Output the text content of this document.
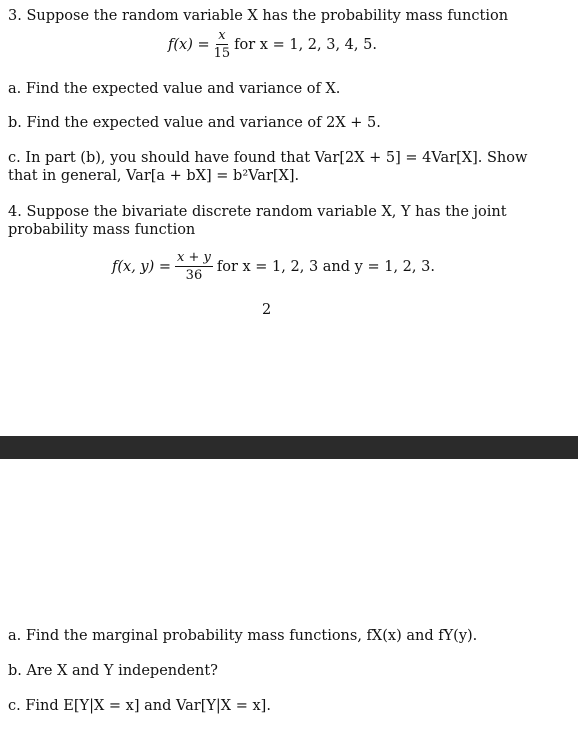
3. Suppose the random variable X has the probability mass function
$f(x) = \frac{x}{15}$ for x = 1, 2, 3, 4, 5.
a. Find the expected value and variance of X.
b. Find the expected value and variance of 2X + 5.
c. In part (b), you should have found that Var[2X + 5] = 4Var[X]. Show that in general, Var[a + bX] = b²Var[X].
4. Suppose the bivariate discrete random variable X, Y has the joint probability mass function
f(x, $y) = \frac{x + y}{36}$ for x = 1, 2, 3 and y = 1, 2, 3.
2
a. Find the marginal probability mass functions, fX(x) and fY(y).
b. Are X and Y independent?
c. Find E[Y|X = x] and Var[Y|X = x].
